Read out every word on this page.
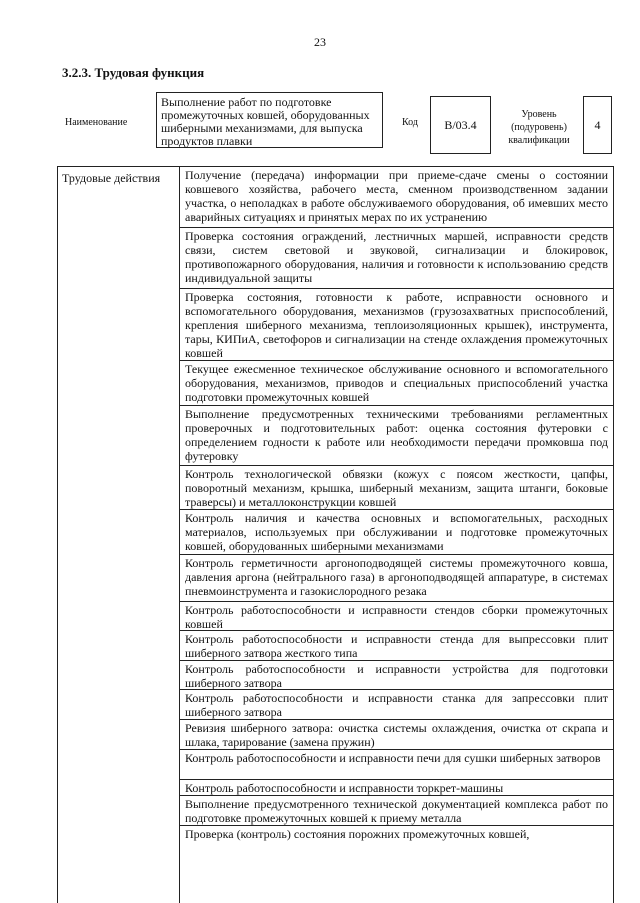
23
3.2.3. Трудовая функция
Наименование
Выполнение работ по подготовке промежуточных ковшей, оборудованных шиберными механизмами, для выпуска продуктов плавки
Код	B/03.4
Уровень (подуровень) квалификации
4
Трудовые действия	Получение (передача) информации при приеме-сдаче смены о состоянии ковшевого хозяйства, рабочего места, сменном производственном задании участка, о неполадках в работе обслуживаемого оборудования, об имевших место аварийных ситуациях и принятых мерах по их устранению
Проверка состояния ограждений, лестничных маршей, исправности средств связи, систем световой и звуковой, сигнализации и блокировок, противопожарного оборудования, наличия и готовности к использованию средств индивидуальной защиты
Проверка состояния, готовности к работе, исправности основного и вспомогательного оборудования, механизмов (грузозахватных приспособлений, крепления шиберного механизма, теплоизоляционных крышек), инструмента, тары, КИПиА, светофоров и сигнализации на стенде охлаждения промежуточных ковшей
Текущее ежесменное техническое обслуживание основного и вспомогательного оборудования, механизмов, приводов и специальных приспособлений участка подготовки промежуточных ковшей
Выполнение предусмотренных техническими требованиями регламентных проверочных и подготовительных работ: оценка состояния футеровки с определением годности к работе или необходимости передачи промковша под футеровку
Контроль технологической обвязки (кожух с поясом жесткости, цапфы, поворотный механизм, крышка, шиберный механизм, защита штанги, боковые траверсы) и металлоконструкции ковшей
Контроль наличия и качества основных и вспомогательных, расходных материалов, используемых при обслуживании и подготовке промежуточных ковшей, оборудованных шиберными механизмами
Контроль герметичности аргоноподводящей системы промежуточного ковша, давления аргона (нейтрального газа) в аргоноподводящей аппаратуре, в системах пневмоинструмента и газокислородного резака
Контроль работоспособности и исправности стендов сборки промежуточных ковшей
Контроль работоспособности и исправности стенда для выпрессовки плит шиберного затвора жесткого типа
Контроль работоспособности и исправности устройства для подготовки шиберного затвора
Контроль работоспособности и исправности станка для запрессовки плит шиберного затвора
Ревизия шиберного затвора: очистка системы охлаждения, очистка от скрапа и шлака, тарирование (замена пружин)
Контроль работоспособности и исправности печи для сушки шиберных затворов
Контроль работоспособности и исправности торкрет-машины
Выполнение предусмотренного технической документацией комплекса работ по подготовке промежуточных ковшей к приему металла
Проверка (контроль) состояния порожних промежуточных ковшей,
